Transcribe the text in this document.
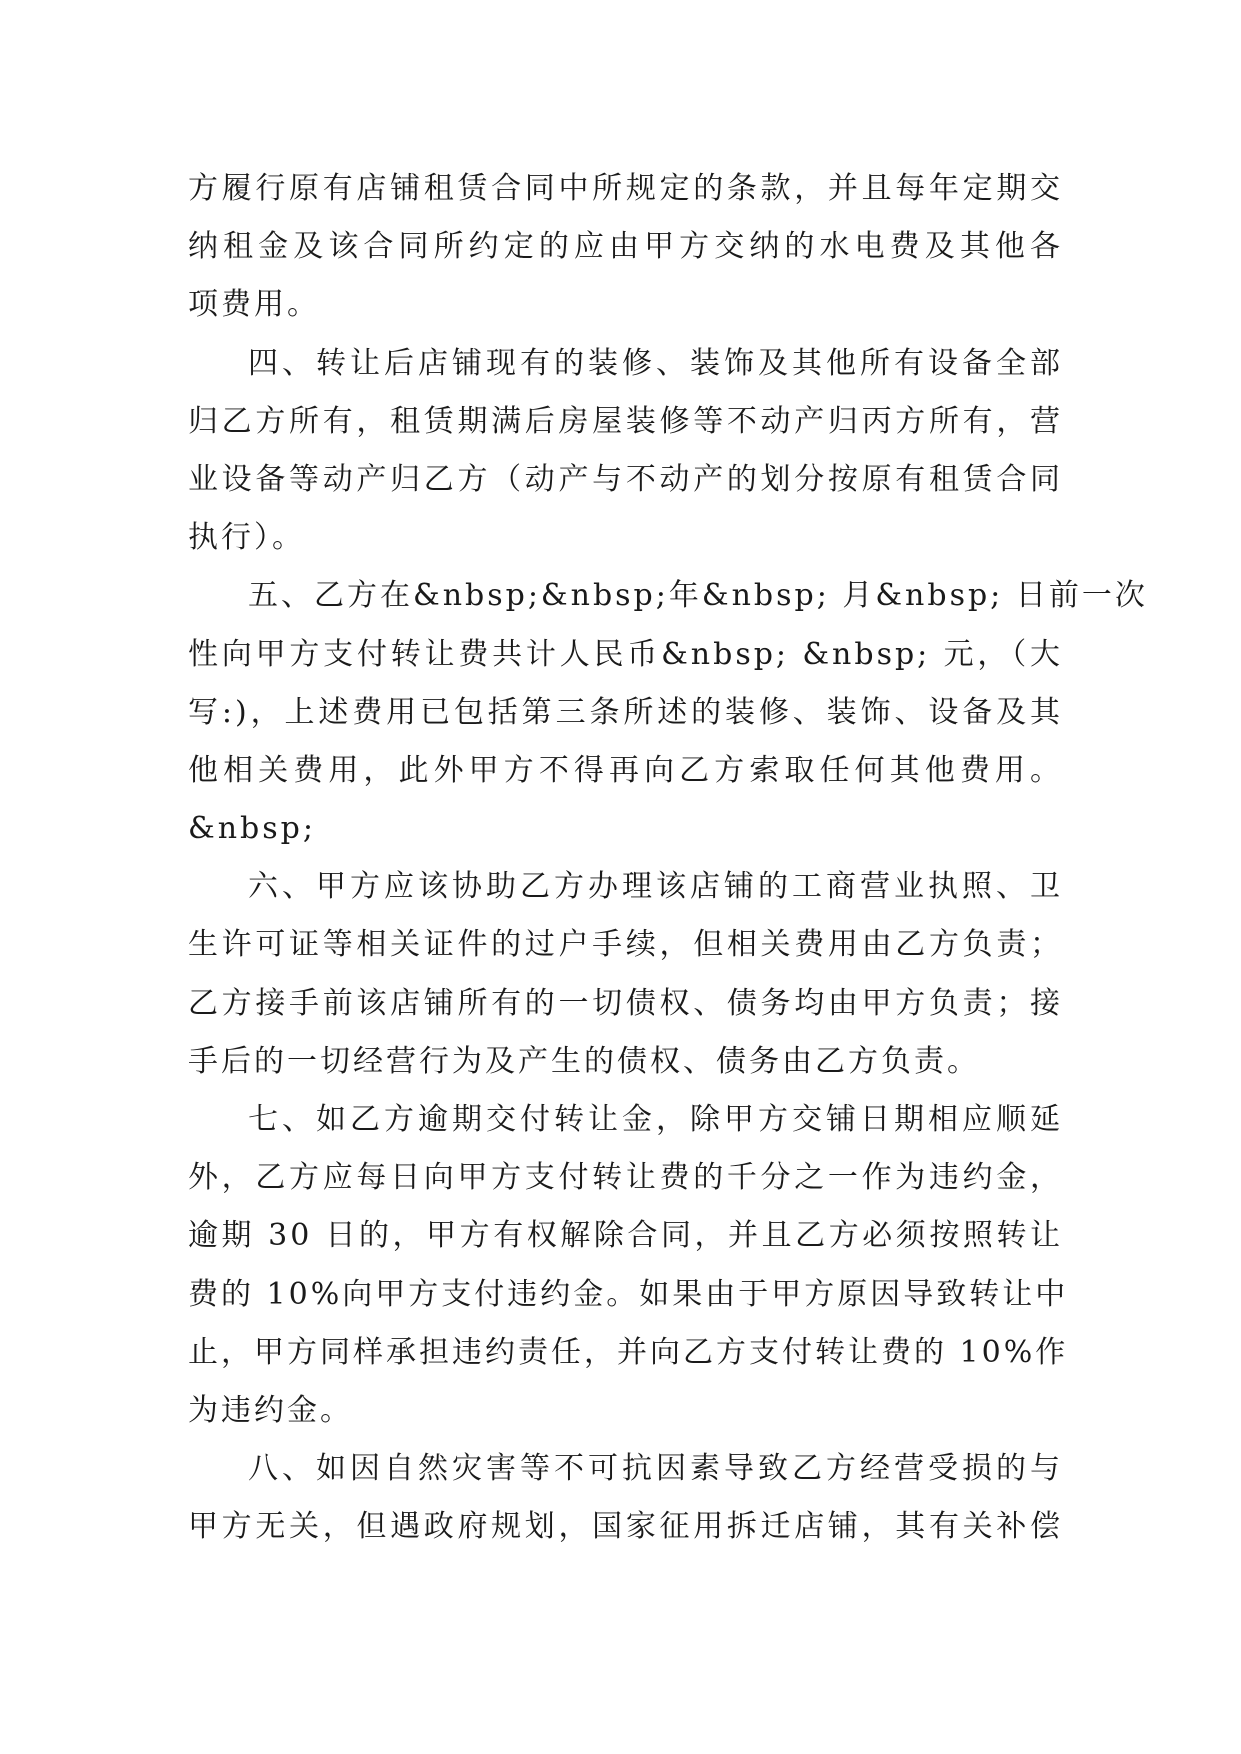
方履行原有店铺租赁合同中所规定的条款，并且每年定期交
纳租金及该合同所约定的应由甲方交纳的水电费及其他各
项费用。
四、转让后店铺现有的装修、装饰及其他所有设备全部
归乙方所有，租赁期满后房屋装修等不动产归丙方所有，营
业设备等动产归乙方（动产与不动产的划分按原有租赁合同
执行）。
五、乙方在&nbsp;&nbsp;年&nbsp; 月&nbsp; 日前一次
性向甲方支付转让费共计人民币&nbsp; &nbsp; 元，（大
写:)，上述费用已包括第三条所述的装修、装饰、设备及其
他相关费用，此外甲方不得再向乙方索取任何其他费用。
&nbsp;
六、甲方应该协助乙方办理该店铺的工商营业执照、卫
生许可证等相关证件的过户手续，但相关费用由乙方负责；
乙方接手前该店铺所有的一切债权、债务均由甲方负责；接
手后的一切经营行为及产生的债权、债务由乙方负责。
七、如乙方逾期交付转让金，除甲方交铺日期相应顺延
外，乙方应每日向甲方支付转让费的千分之一作为违约金，
逾期 30 日的，甲方有权解除合同，并且乙方必须按照转让
费的 10%向甲方支付违约金。如果由于甲方原因导致转让中
止，甲方同样承担违约责任，并向乙方支付转让费的 10%作
为违约金。
八、如因自然灾害等不可抗因素导致乙方经营受损的与
甲方无关，但遇政府规划，国家征用拆迁店铺，其有关补偿
